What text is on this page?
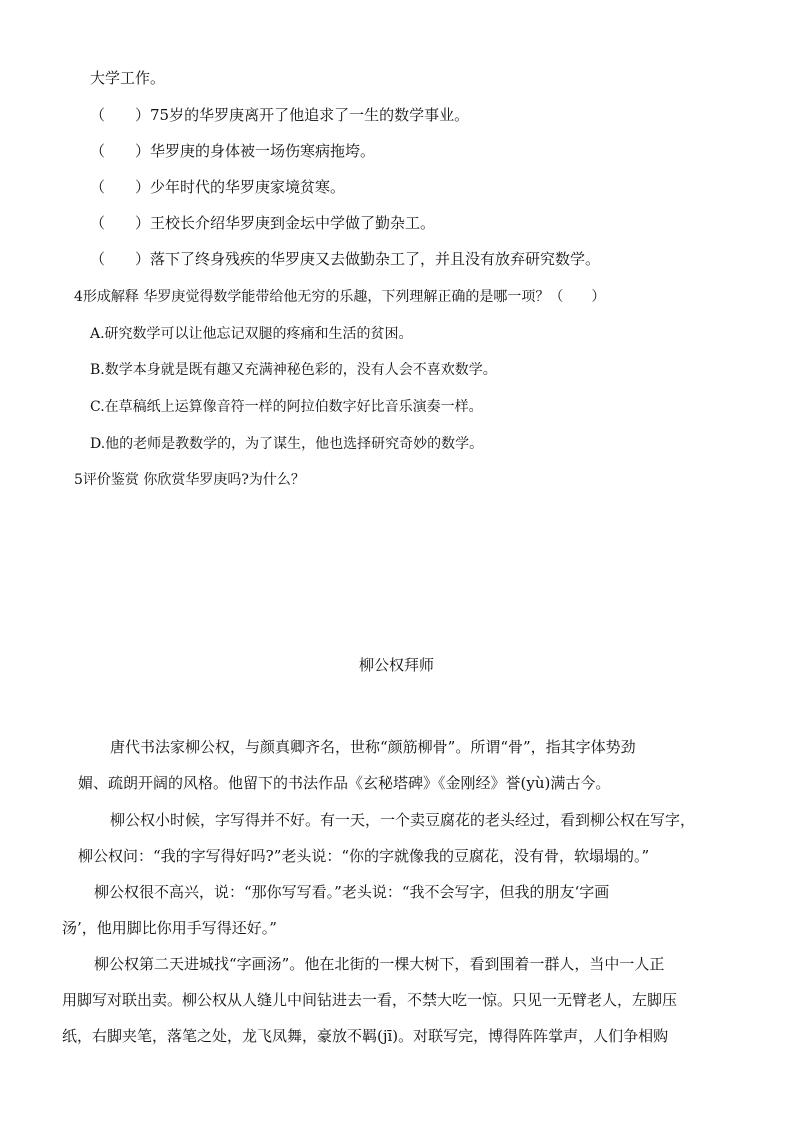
大学工作。
（　　）75岁的华罗庚离开了他追求了一生的数学事业。
（　　）华罗庚的身体被一场伤寒病拖垮。
（　　）少年时代的华罗庚家境贫寒。
（　　）王校长介绍华罗庚到金坛中学做了勤杂工。
（　　）落下了终身残疾的华罗庚又去做勤杂工了，并且没有放弃研究数学。
4形成解释 华罗庚觉得数学能带给他无穷的乐趣，下列理解正确的是哪一项？（　　）
A.研究数学可以让他忘记双腿的疼痛和生活的贫困。
B.数学本身就是既有趣又充满神秘色彩的，没有人会不喜欢数学。
C.在草稿纸上运算像音符一样的阿拉伯数字好比音乐演奏一样。
D.他的老师是教数学的，为了谋生，他也选择研究奇妙的数学。
5评价鉴赏 你欣赏华罗庚吗?为什么？
柳公权拜师
唐代书法家柳公权，与颜真卿齐名，世称“颜筋柳骨”。所谓“骨”，指其字体势劲
媚、疏朗开阔的风格。他留下的书法作品《玄秘塔碑》《金刚经》誉(yù)满古今。
柳公权小时候，字写得并不好。有一天，一个卖豆腐花的老头经过，看到柳公权在写字，
柳公权问：“我的字写得好吗?”老头说：“你的字就像我的豆腐花，没有骨，软塌塌的。”
柳公权很不高兴，说：“那你写写看。”老头说：“我不会写字，但我的朋友‘字画
汤’，他用脚比你用手写得还好。”
柳公权第二天进城找“字画汤”。他在北街的一棵大树下，看到围着一群人，当中一人正
用脚写对联出卖。柳公权从人缝儿中间钻进去一看，不禁大吃一惊。只见一无臂老人，左脚压
纸，右脚夹笔，落笔之处，龙飞凤舞，豪放不羁(jī)。对联写完，博得阵阵掌声，人们争相购
